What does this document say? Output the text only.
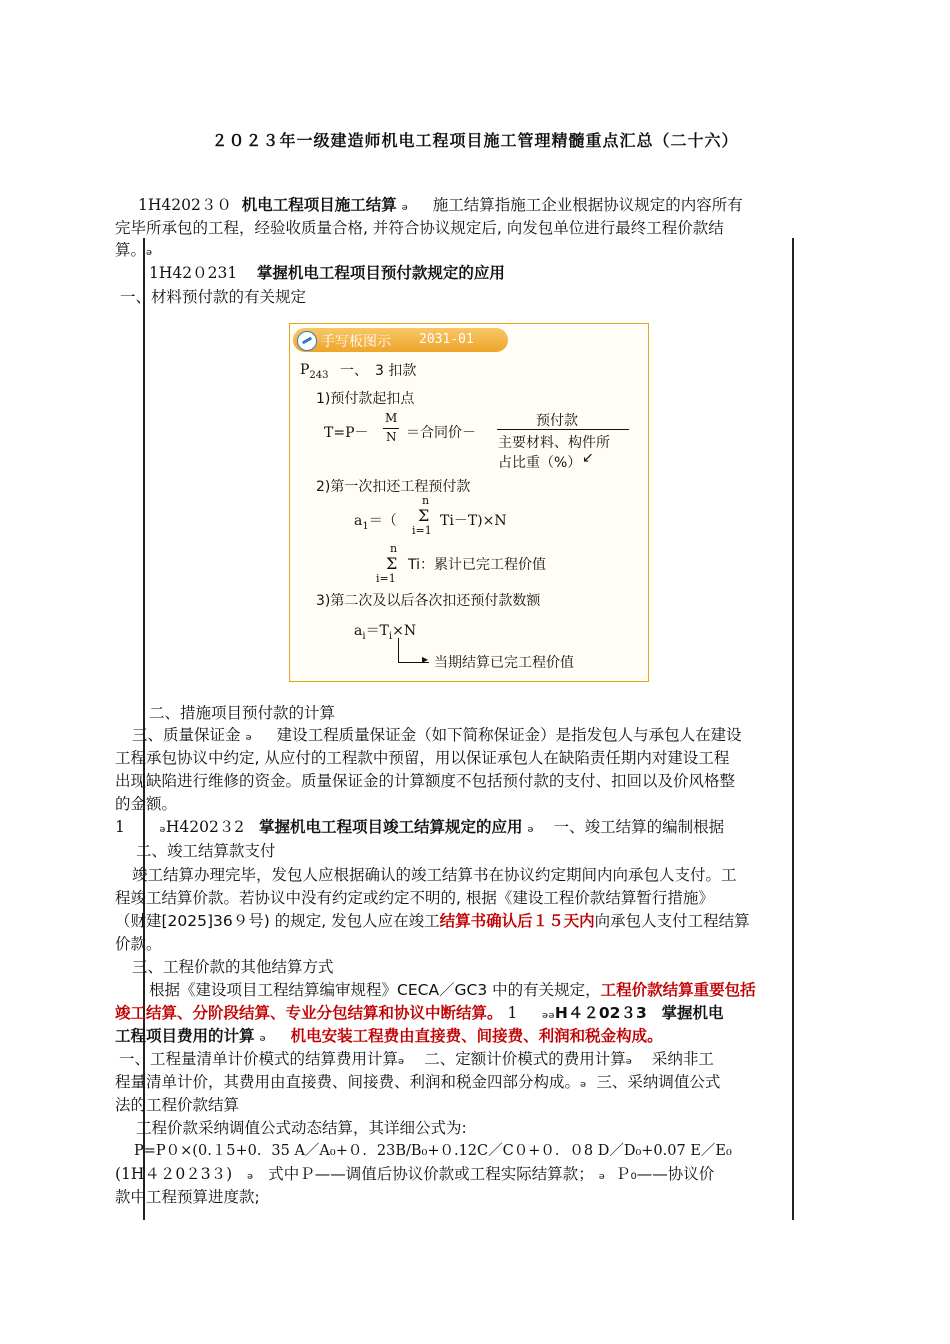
２０２３年一级建造师机电工程项目施工管理精髓重点汇总（二十六）
1H4202３０ 机电工程项目施工结算 ₔ 施工结算指施工企业根据协议规定的内容所有
完毕所承包的工程，经验收质量合格, 并符合协议规定后, 向发包单位进行最终工程价款结
算。ₔ
1H42０231 掌握机电工程项目预付款规定的应用
一、材料预付款的有关规定
手写板图示 2031-01
$P_{243}$ 一、　3 扣款
1)预付款起扣点
T=P－
M
N ＝合同价－
预付款
主要材料、构件所
占比重（%） ↙
2)第一次扣还工程预付款
$a_1=$（
n
Σ
i=1
Ti－T)×N
n
Σ
i=1
Ti：累计已完工程价值
3)第二次及以后各次扣还预付款数额
$a_i=T_i\times N$
▸ 当期结算已完工程价值
二、措施项目预付款的计算
三、质量保证金 ₔ 建设工程质量保证金（如下简称保证金）是指发包人与承包人在建设
工程承包协议中约定, 从应付的工程款中预留，用以保证承包人在缺陷责任期内对建设工程
出现缺陷进行维修的资金。质量保证金的计算额度不包括预付款的支付、扣回以及价风格整
的金额。
1 ₔH4202３2 掌握机电工程项目竣工结算规定的应用 ₔ 一、竣工结算的编制根据
二、竣工结算款支付
竣工结算办理完毕，发包人应根据确认的竣工结算书在协议约定期间内向承包人支付。工
程竣工结算价款。若协议中没有约定或约定不明的, 根据《建设工程价款结算暂行措施》
（财建[2025]36９号) 的规定, 发包人应在竣工结算书确认后１５天内向承包人支付工程结算
价款。
三、工程价款的其他结算方式
根据《建设项目工程结算编审规程》CECA／GC3 中的有关规定，工程价款结算重要包括
竣工结算、分阶段结算、专业分包结算和协议中断结算。 1 ₔₔH４２02３3 掌握机电
工程项目费用的计算 ₔ 机电安装工程费由直接费、间接费、利润和税金构成。
一、工程量清单计价模式的结算费用计算ₔ 二、定额计价模式的费用计算ₔ 采纳非工
程量清单计价，其费用由直接费、间接费、利润和税金四部分构成。ₔ 三、采纳调值公式
法的工程价款结算
工程价款采纳调值公式动态结算，其详细公式为:
P=P０×(0.１5+0．35 A／A₀+０．23B/B₀+０.12C／C０+０．０8 D／D₀+0.07 E／E₀
(1H４２0２3３) ₔ 式中Ｐ——调值后协议价款或工程实际结算款； ₔ Ｐ₀——协议价
款中工程预算进度款;
